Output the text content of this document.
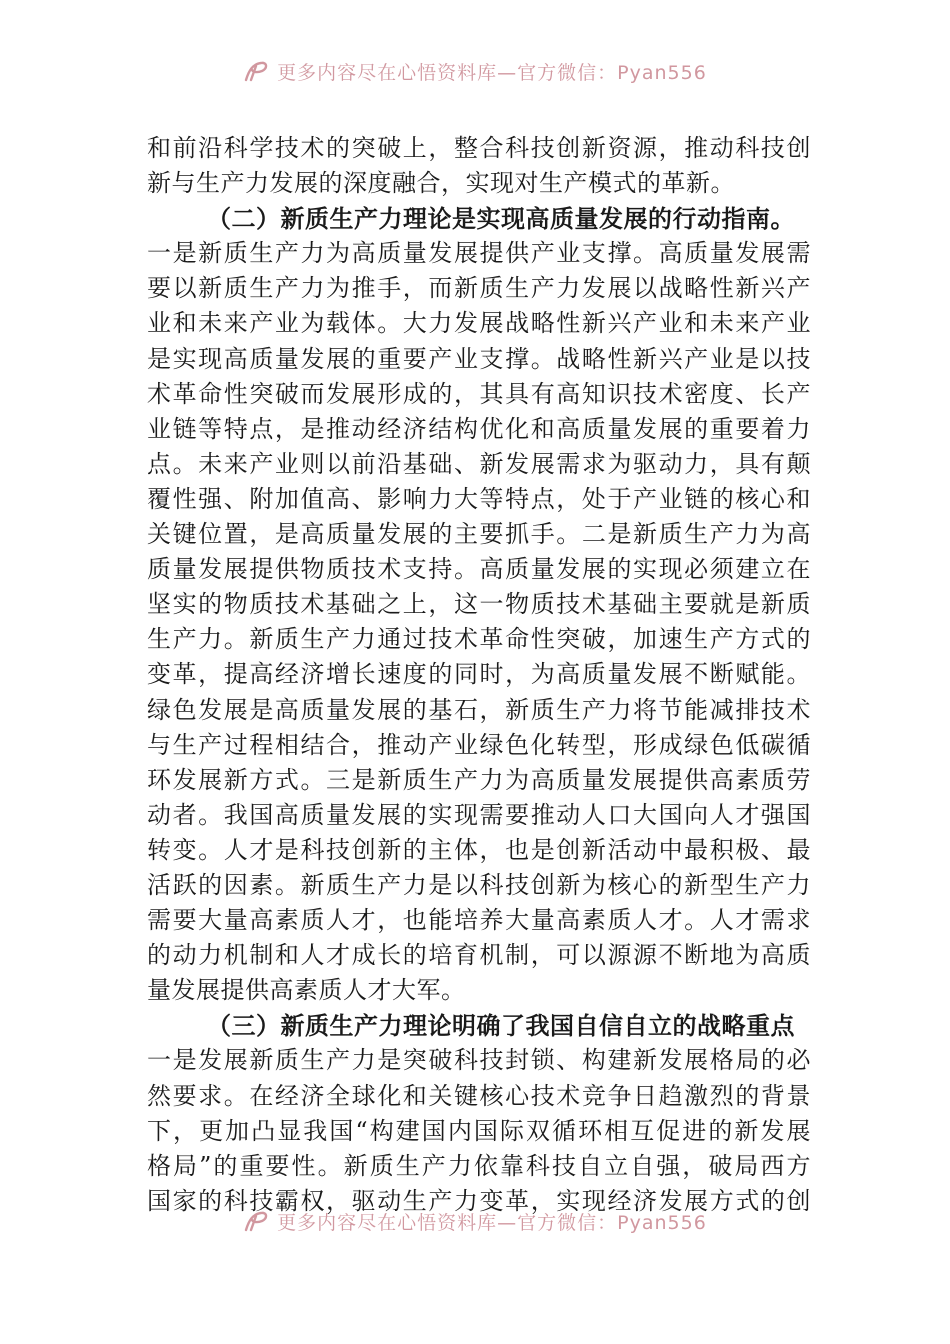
更多内容尽在心悟资料库—官方微信：Pyan556
和前沿科学技术的突破上，整合科技创新资源，推动科技创
新与生产力发展的深度融合，实现对生产模式的革新。
（二）新质生产力理论是实现高质量发展的行动指南。
一是新质生产力为高质量发展提供产业支撑。高质量发展需
要以新质生产力为推手，而新质生产力发展以战略性新兴产
业和未来产业为载体。大力发展战略性新兴产业和未来产业
是实现高质量发展的重要产业支撑。战略性新兴产业是以技
术革命性突破而发展形成的，其具有高知识技术密度、长产
业链等特点，是推动经济结构优化和高质量发展的重要着力
点。未来产业则以前沿基础、新发展需求为驱动力，具有颠
覆性强、附加值高、影响力大等特点，处于产业链的核心和
关键位置，是高质量发展的主要抓手。二是新质生产力为高
质量发展提供物质技术支持。高质量发展的实现必须建立在
坚实的物质技术基础之上，这一物质技术基础主要就是新质
生产力。新质生产力通过技术革命性突破，加速生产方式的
变革，提高经济增长速度的同时，为高质量发展不断赋能。
绿色发展是高质量发展的基石，新质生产力将节能减排技术
与生产过程相结合，推动产业绿色化转型，形成绿色低碳循
环发展新方式。三是新质生产力为高质量发展提供高素质劳
动者。我国高质量发展的实现需要推动人口大国向人才强国
转变。人才是科技创新的主体，也是创新活动中最积极、最
活跃的因素。新质生产力是以科技创新为核心的新型生产力
需要大量高素质人才，也能培养大量高素质人才。人才需求
的动力机制和人才成长的培育机制，可以源源不断地为高质
量发展提供高素质人才大军。
（三）新质生产力理论明确了我国自信自立的战略重点
一是发展新质生产力是突破科技封锁、构建新发展格局的必
然要求。在经济全球化和关键核心技术竞争日趋激烈的背景
下，更加凸显我国“构建国内国际双循环相互促进的新发展
格局”的重要性。新质生产力依靠科技自立自强，破局西方
国家的科技霸权，驱动生产力变革，实现经济发展方式的创
更多内容尽在心悟资料库—官方微信：Pyan556
